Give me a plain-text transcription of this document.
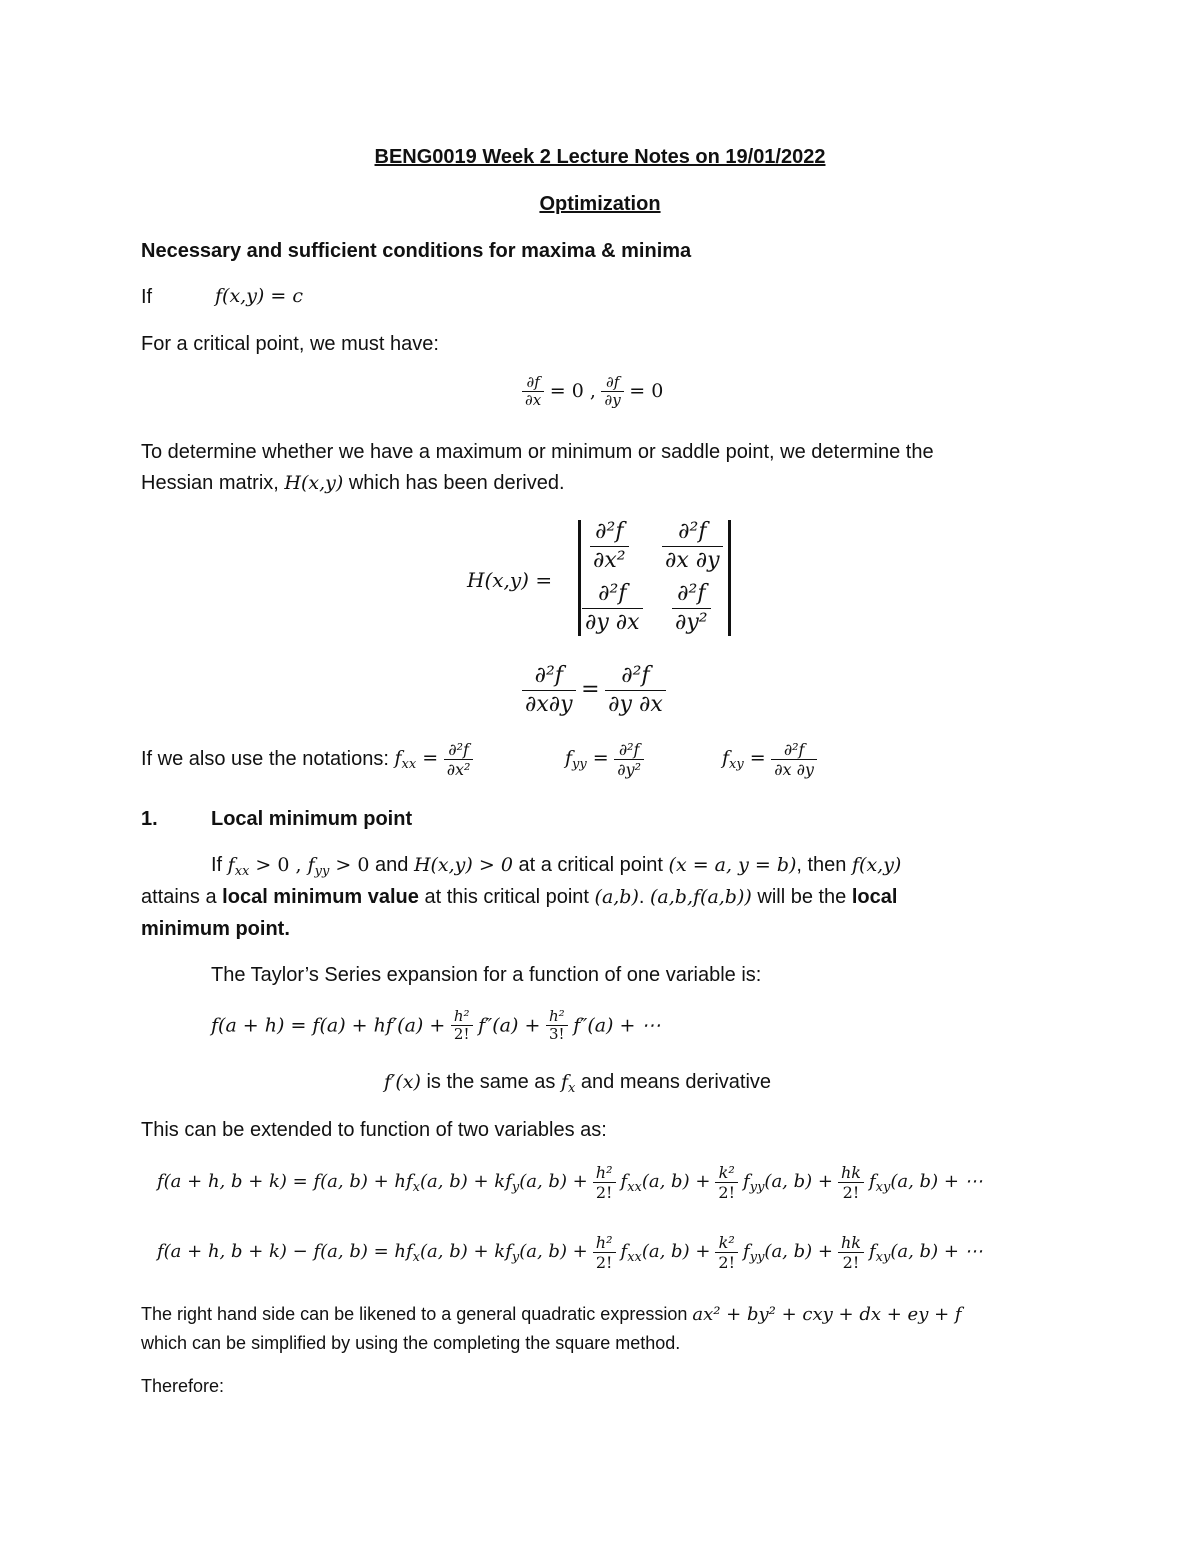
BENG0019 Week 2 Lecture Notes on 19/01/2022
Optimization
Necessary and sufficient conditions for maxima & minima
If	f(x,y) = c
For a critical point, we must have:
$\frac{\partial f}{\partial x} = 0$ , $\frac{\partial f}{\partial y} = 0$
To determine whether we have a maximum or minimum or saddle point, we determine the
Hessian matrix, H(x,y) which has been derived.
H(x,y) =
$\frac{\text{∂²f}}{\text{∂x²}} \frac{\text{∂²f}}{\partial x \partial y}$
$\frac{\text{∂²f}}{\partial y \partial x} \frac{\text{∂²f}}{\text{∂y²}}$
$\frac{\text{∂²f}}{\partial x\partial y} = \frac{\text{∂²f}}{\partial y \partial x}$
If we also use the notations: $f_{xx} = \frac{\text{∂²f}}{\text{∂x²}}$	$f_{yy} = \frac{\text{∂²f}}{\text{∂y²}}$	$f_{xy} = \frac{\text{∂²f}}{\partial x \partial y}$
1.	Local minimum point
If $f_{xx} > 0$ , $f_{yy} > 0$ and H(x,y) > 0 at a critical point (x = a, y = b), then f(x,y)
attains a local minimum value at this critical point (a,b). (a,b,f(a,b)) will be the local
minimum point.
The Taylor’s Series expansion for a function of one variable is:
$f(a + h) = f(a) + hf'(a) + \frac{\text{h²}}{2!} f''(a) + \frac{\text{h²}}{3!} f''(a)$ + ⋯
f′(x) is the same as $f_x$ and means derivative
This can be extended to function of two variables as:
f(a + h, b + k) = f(a, $b) + hf_x(a$, $b) + kf_y(a$, $b) + \frac{\text{h²}}{2!} f_{xx}(a$, $b) + \frac{\text{k²}}{2!} f_{yy}(a$, $b) + \frac{hk}{2!} f_{xy}(a$, b) + ⋯
f(a + h, b + k) − f(a, $b) = hf_x(a$, $b) + kf_y(a$, $b) + \frac{\text{h²}}{2!} f_{xx}(a$, $b) + \frac{\text{k²}}{2!} f_{yy}(a$, $b) + \frac{hk}{2!} f_{xy}(a$, b) + ⋯
The right hand side can be likened to a general quadratic expression ax² + by² + cxy + dx + ey + f
which can be simplified by using the completing the square method.
Therefore:
